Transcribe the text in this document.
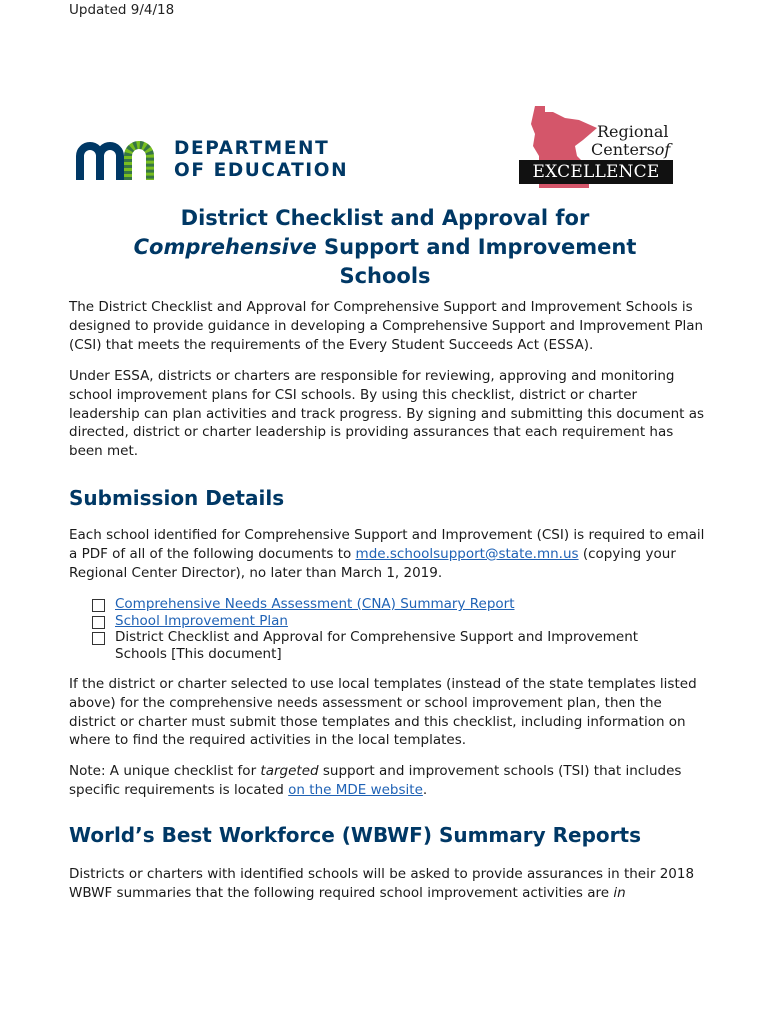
Updated 9/4/18
DEPARTMENT
OF EDUCATION
Regional
Centersof
EXCELLENCE
District Checklist and Approval for
Comprehensive Support and Improvement
Schools

The District Checklist and Approval for Comprehensive Support and Improvement Schools is designed to provide guidance in developing a Comprehensive Support and Improvement Plan (CSI) that meets the requirements of the Every Student Succeeds Act (ESSA).

Under ESSA, districts or charters are responsible for reviewing, approving and monitoring school improvement plans for CSI schools. By using this checklist, district or charter leadership can plan activities and track progress. By signing and submitting this document as directed, district or charter leadership is providing assurances that each requirement has been met.

Submission Details

Each school identified for Comprehensive Support and Improvement (CSI) is required to email a PDF of all of the following documents to mde.schoolsupport@state.mn.us (copying your Regional Center Director), no later than March 1, 2019.

Comprehensive Needs Assessment (CNA) Summary Report
School Improvement Plan
District Checklist and Approval for Comprehensive Support and Improvement Schools [This document]

If the district or charter selected to use local templates (instead of the state templates listed above) for the comprehensive needs assessment or school improvement plan, then the district or charter must submit those templates and this checklist, including information on where to find the required activities in the local templates.

Note: A unique checklist for targeted support and improvement schools (TSI) that includes specific requirements is located on the MDE website.

World’s Best Workforce (WBWF) Summary Reports

Districts or charters with identified schools will be asked to provide assurances in their 2018 WBWF summaries that the following required school improvement activities are in
